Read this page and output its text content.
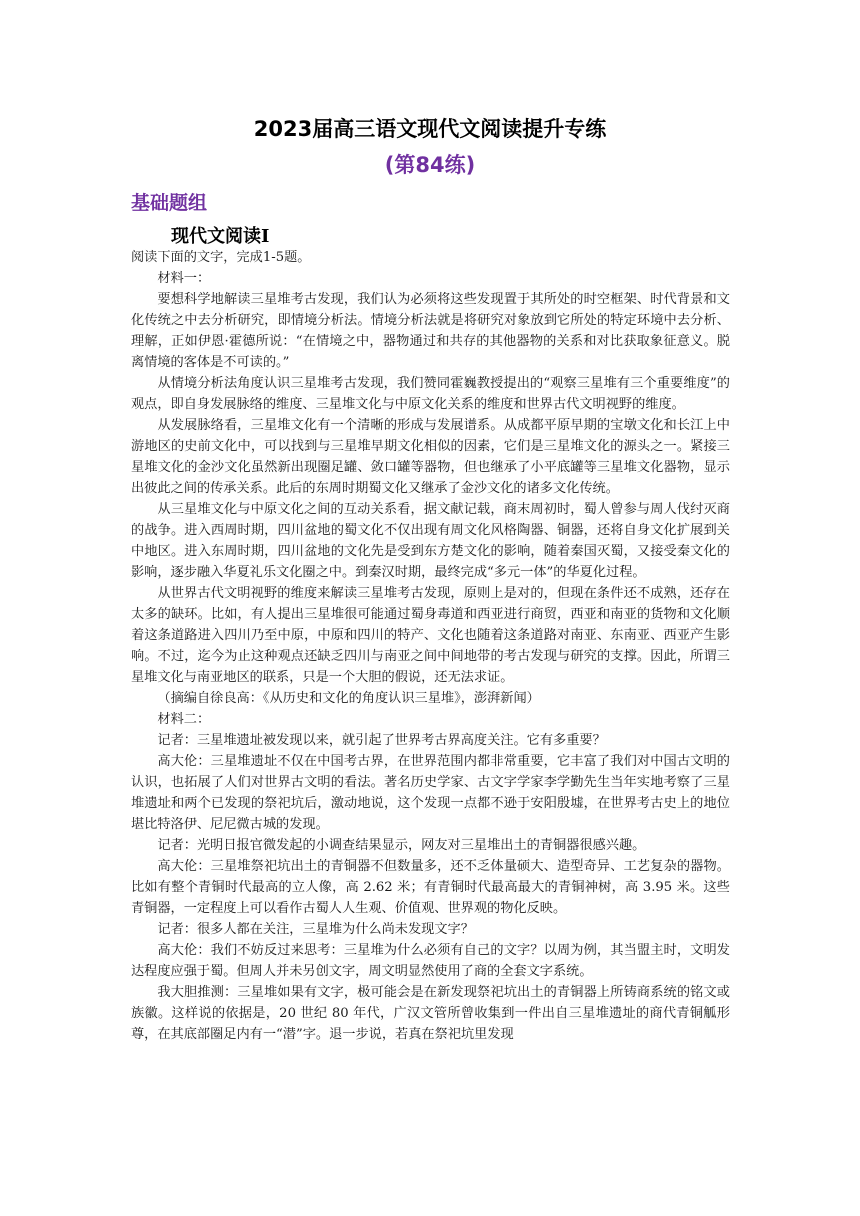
2023届高三语文现代文阅读提升专练
(第84练)
基础题组
现代文阅读Ⅰ

阅读下面的文字，完成1-5题。

材料一：

要想科学地解读三星堆考古发现，我们认为必须将这些发现置于其所处的时空框架、时代背景和文化传统之中去分析研究，即情境分析法。情境分析法就是将研究对象放到它所处的特定环境中去分析、理解，正如伊恩·霍德所说：“在情境之中，器物通过和共存的其他器物的关系和对比获取象征意义。脱离情境的客体是不可读的。”

从情境分析法角度认识三星堆考古发现，我们赞同霍巍教授提出的“观察三星堆有三个重要维度”的观点，即自身发展脉络的维度、三星堆文化与中原文化关系的维度和世界古代文明视野的维度。

从发展脉络看，三星堆文化有一个清晰的形成与发展谱系。从成都平原早期的宝墩文化和长江上中游地区的史前文化中，可以找到与三星堆早期文化相似的因素，它们是三星堆文化的源头之一。紧接三星堆文化的金沙文化虽然新出现圈足罐、敛口罐等器物，但也继承了小平底罐等三星堆文化器物，显示出彼此之间的传承关系。此后的东周时期蜀文化又继承了金沙文化的诸多文化传统。

从三星堆文化与中原文化之间的互动关系看，据文献记载，商末周初时，蜀人曾参与周人伐纣灭商的战争。进入西周时期，四川盆地的蜀文化不仅出现有周文化风格陶器、铜器，还将自身文化扩展到关中地区。进入东周时期，四川盆地的文化先是受到东方楚文化的影响，随着秦国灭蜀，又接受秦文化的影响，逐步融入华夏礼乐文化圈之中。到秦汉时期，最终完成“多元一体”的华夏化过程。

从世界古代文明视野的维度来解读三星堆考古发现，原则上是对的，但现在条件还不成熟，还存在太多的缺环。比如，有人提出三星堆很可能通过蜀身毒道和西亚进行商贸，西亚和南亚的货物和文化顺着这条道路进入四川乃至中原，中原和四川的特产、文化也随着这条道路对南亚、东南亚、西亚产生影响。不过，迄今为止这种观点还缺乏四川与南亚之间中间地带的考古发现与研究的支撑。因此，所谓三星堆文化与南亚地区的联系，只是一个大胆的假说，还无法求证。

（摘编自徐良高：《从历史和文化的角度认识三星堆》，澎湃新闻）

材料二：

记者：三星堆遗址被发现以来，就引起了世界考古界高度关注。它有多重要？

高大伦：三星堆遗址不仅在中国考古界，在世界范围内都非常重要，它丰富了我们对中国古文明的认识，也拓展了人们对世界古文明的看法。著名历史学家、古文字学家李学勤先生当年实地考察了三星堆遗址和两个已发现的祭祀坑后，激动地说，这个发现一点都不逊于安阳殷墟，在世界考古史上的地位堪比特洛伊、尼尼微古城的发现。

记者：光明日报官微发起的小调查结果显示，网友对三星堆出土的青铜器很感兴趣。

高大伦：三星堆祭祀坑出土的青铜器不但数量多，还不乏体量硕大、造型奇异、工艺复杂的器物。比如有整个青铜时代最高的立人像，高 2.62 米；有青铜时代最高最大的青铜神树，高 3.95 米。这些青铜器，一定程度上可以看作古蜀人人生观、价值观、世界观的物化反映。

记者：很多人都在关注，三星堆为什么尚未发现文字？

高大伦：我们不妨反过来思考：三星堆为什么必须有自己的文字？以周为例，其当盟主时，文明发达程度应强于蜀。但周人并未另创文字，周文明显然使用了商的全套文字系统。

我大胆推测：三星堆如果有文字，极可能会是在新发现祭祀坑出土的青铜器上所铸商系统的铭文或族徽。这样说的依据是，20 世纪 80 年代，广汉文管所曾收集到一件出自三星堆遗址的商代青铜觚形尊，在其底部圈足内有一“潜”字。退一步说，若真在祭祀坑里发现
